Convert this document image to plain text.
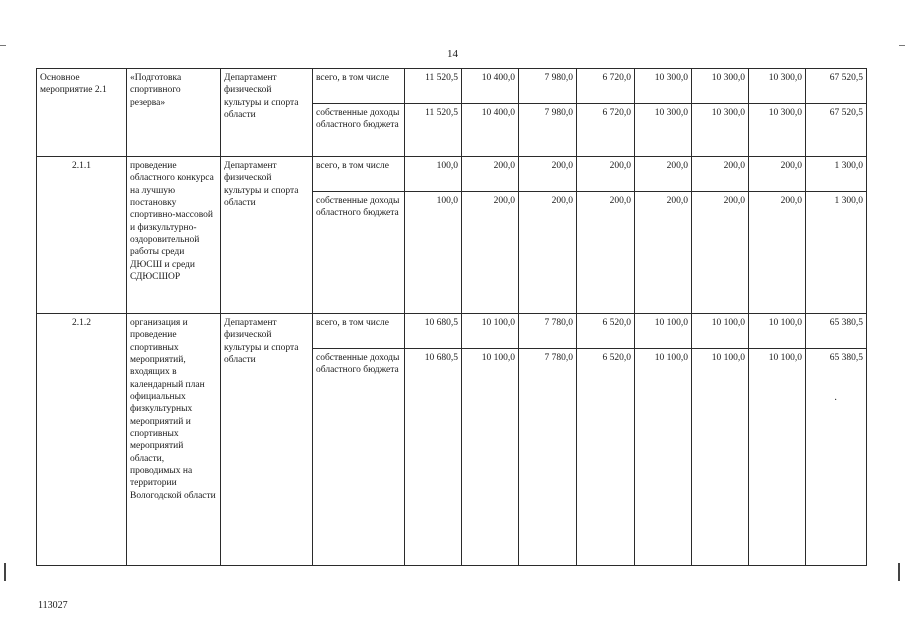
14
Основное мероприятие 2.1	«Подготовка спортивного резерва»	Департамент физической культуры и спорта области	всего, в том числе	11 520,5	10 400,0	7 980,0	6 720,0	10 300,0	10 300,0	10 300,0	67 520,5
			собственные доходы областного бюджета	11 520,5	10 400,0	7 980,0	6 720,0	10 300,0	10 300,0	10 300,0	67 520,5
2.1.1	проведение областного конкурса на лучшую постановку спортивно-массовой и физкультурно-оздоровительной работы среди ДЮСШ и среди СДЮСШОР	Департамент физической культуры и спорта области	всего, в том числе	100,0	200,0	200,0	200,0	200,0	200,0	200,0	1 300,0
			собственные доходы областного бюджета	100,0	200,0	200,0	200,0	200,0	200,0	200,0	1 300,0
2.1.2	организация и проведение спортивных мероприятий, входящих в календарный план официальных физкультурных мероприятий и спортивных мероприятий области, проводимых на территории Вологодской области	Департамент физической культуры и спорта области	всего, в том числе	10 680,5	10 100,0	7 780,0	6 520,0	10 100,0	10 100,0	10 100,0	65 380,5
			собственные доходы областного бюджета	10 680,5	10 100,0	7 780,0	6 520,0	10 100,0	10 100,0	10 100,0	65 380,5
·
113027
